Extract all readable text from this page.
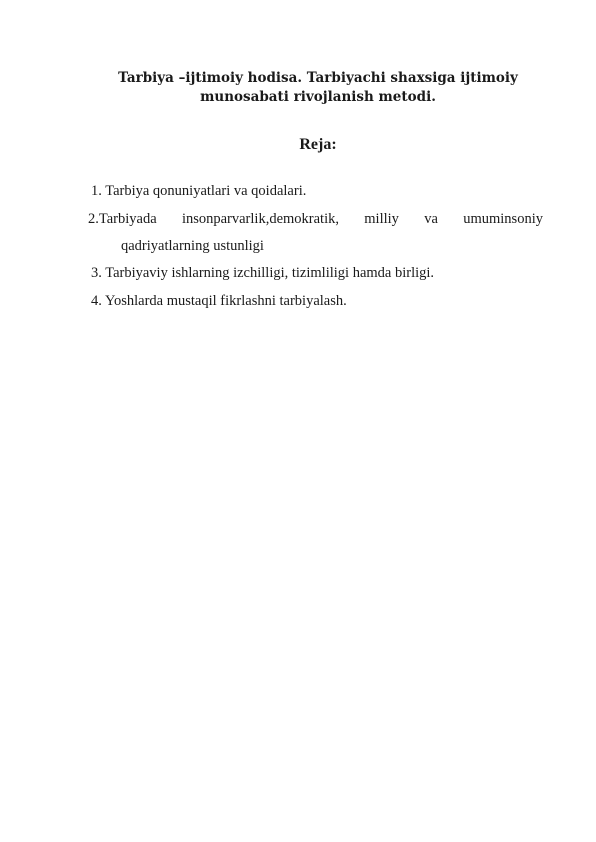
Tarbiya –ijtimoiy hodisa. Tarbiyachi shaxsiga ijtimoiy
munosabati rivojlanish metodi.
Reja:
1. Tarbiya qonuniyatlari va qoidalari.
2.Tarbiyada insonparvarlik,demokratik, milliy va umuminsoniy
qadriyatlarning ustunligi
3. Tarbiyaviy ishlarning izchilligi, tizimliligi hamda birligi.
4. Yoshlarda mustaqil fikrlashni tarbiyalash.
